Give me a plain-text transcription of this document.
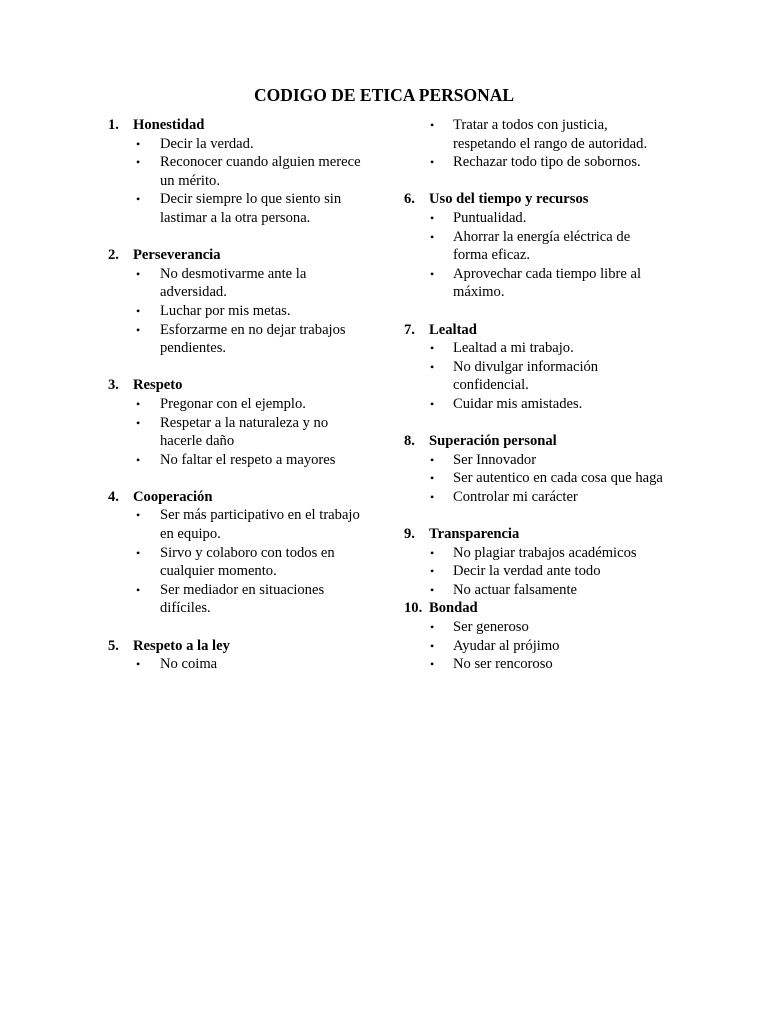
CODIGO DE ETICA PERSONAL
1. Honestidad
• Decir la verdad.
• Reconocer cuando alguien merece un mérito.
• Decir siempre lo que siento sin lastimar a la otra persona.
2. Perseverancia
• No desmotivarme ante la adversidad.
• Luchar por mis metas.
• Esforzarme en no dejar trabajos pendientes.
3. Respeto
• Pregonar con el ejemplo.
• Respetar a la naturaleza y no hacerle daño
• No faltar el respeto a mayores
4. Cooperación
• Ser más participativo en el trabajo en equipo.
• Sirvo y colaboro con todos en cualquier momento.
• Ser mediador en situaciones difíciles.
5. Respeto a la ley
• No coima
• Tratar a todos con justicia, respetando el rango de autoridad.
• Rechazar todo tipo de sobornos.
6. Uso del tiempo y recursos
• Puntualidad.
• Ahorrar la energía eléctrica de forma eficaz.
• Aprovechar cada tiempo libre al máximo.
7. Lealtad
• Lealtad a mi trabajo.
• No divulgar información confidencial.
• Cuidar mis amistades.
8. Superación personal
• Ser Innovador
• Ser autentico en cada cosa que haga
• Controlar mi carácter
9. Transparencia
• No plagiar trabajos académicos
• Decir la verdad ante todo
• No actuar falsamente
10. Bondad
• Ser generoso
• Ayudar al prójimo
• No ser rencoroso
